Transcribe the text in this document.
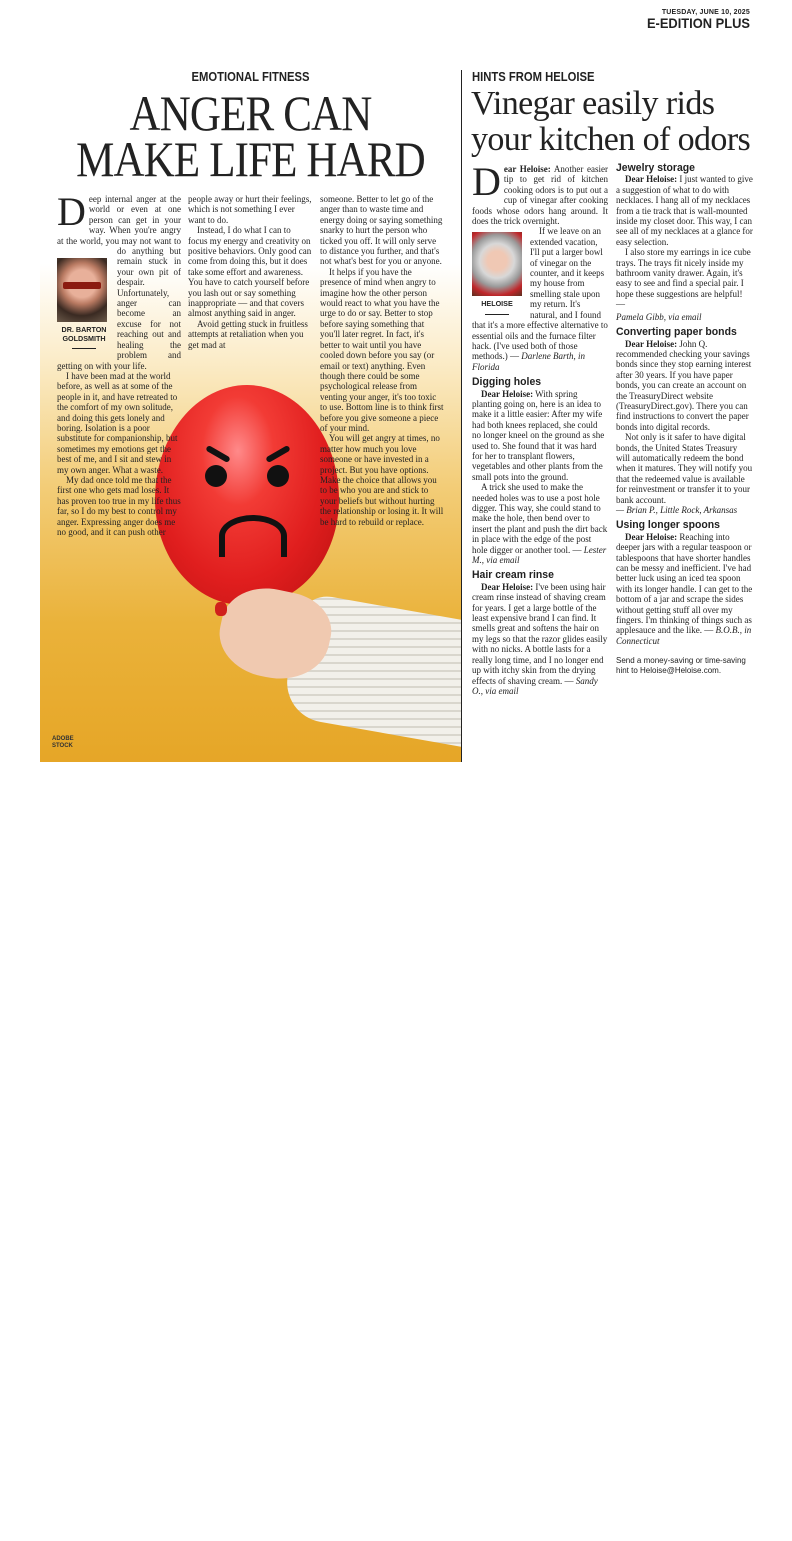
TUESDAY, JUNE 10, 2025
E-EDITION PLUS
EMOTIONAL FITNESS
ANGER CAN
MAKE LIFE HARD
D
DR. BARTON GOLDSMITH

eep internal anger at the world or even at one person can get in your way. When you're angry at the world, you may not want to do anything but remain stuck in your own pit of despair. Unfortunately, anger can become an excuse for not reaching out and healing the problem and getting on with your life.

I have been mad at the world before, as well as at some of the people in it, and have retreated to the comfort of my own solitude, and doing this gets lonely and boring. Isolation is a poor substitute for companionship, but sometimes my emotions get the best of me, and I sit and stew in my own anger. What a waste.

My dad once told me that the first one who gets mad loses. It has proven too true in my life thus far, so I do my best to control my anger. Expressing anger does me no good, and it can push other

people away or hurt their feelings, which is not something I ever want to do.

Instead, I do what I can to focus my energy and creativity on positive behaviors. Only good can come from doing this, but it does take some effort and awareness. You have to catch yourself before you lash out or say something inappropriate — and that covers almost anything said in anger.

Avoid getting stuck in fruitless attempts at retaliation when you get mad at

someone. Better to let go of the anger than to waste time and energy doing or saying something snarky to hurt the person who ticked you off. It will only serve to distance you further, and that's not what's best for you or anyone.

It helps if you have the presence of mind when angry to imagine how the other person would react to what you have the urge to do or say. Better to stop before saying something that you'll later regret. In fact, it's better to wait until you have cooled down before you say (or email or text) anything. Even though there could be some psychological release from venting your anger, it's too toxic to use. Bottom line is to think first before you give someone a piece of your mind.

You will get angry at times, no matter how much you love someone or have invested in a project. But you have options. Make the choice that allows you to be who you are and stick to your beliefs but without hurting the relationship or losing it. It will be hard to rebuild or replace.

ADOBE STOCK
HINTS FROM HELOISE
Vinegar easily rids your kitchen of odors

Dear Heloise: Another easier tip to get rid of kitchen cooking odors is to put out a cup of vinegar after cooking foods whose odors hang around. It does the trick overnight.

HELOISE

If we leave on an extended vacation, I'll put a larger bowl of vinegar on the counter, and it keeps my house from smelling stale upon my return. It's natural, and I found that it's a more effective alternative to essential oils and the furnace filter hack. (I've used both of those methods.) — Darlene Barth, in Florida

Digging holes

Dear Heloise: With spring planting going on, here is an idea to make it a little easier: After my wife had both knees replaced, she could no longer kneel on the ground as she used to. She found that it was hard for her to transplant flowers, vegetables and other plants from the small pots into the ground.

A trick she used to make the needed holes was to use a post hole digger. This way, she could stand to make the hole, then bend over to insert the plant and push the dirt back in place with the edge of the post hole digger or another tool. — Lester M., via email

Hair cream rinse

Dear Heloise: I've been using hair cream rinse instead of shaving cream for years. I get a large bottle of the least expensive brand I can find. It smells great and softens the hair on my legs so that the razor glides easily with no nicks. A bottle lasts for a really long time, and I no longer end up with itchy skin from the drying effects of shaving cream. — Sandy O., via email

Jewelry storage

Dear Heloise: I just wanted to give a suggestion of what to do with necklaces. I hang all of my necklaces from a tie track that is wall-mounted inside my closet door. This way, I can see all of my necklaces at a glance for easy selection.

I also store my earrings in ice cube trays. The trays fit nicely inside my bathroom vanity drawer. Again, it's easy to see and find a special pair. I hope these suggestions are helpful! —

Pamela Gibb, via email

Converting paper bonds

Dear Heloise: John Q. recommended checking your savings bonds since they stop earning interest after 30 years. If you have paper bonds, you can create an account on the TreasuryDirect website (TreasuryDirect.gov). There you can find instructions to convert the paper bonds into digital records.

Not only is it safer to have digital bonds, the United States Treasury will automatically redeem the bond when it matures. They will notify you that the redeemed value is available for reinvestment or transfer it to your bank account.

— Brian P., Little Rock, Arkansas

Using longer spoons

Dear Heloise: Reaching into deeper jars with a regular teaspoon or tablespoons that have shorter handles can be messy and inefficient. I've had better luck using an iced tea spoon with its longer handle. I can get to the bottom of a jar and scrape the sides without getting stuff all over my fingers. I'm thinking of things such as applesauce and the like. — B.O.B., in Connecticut

Send a money-saving or time-saving hint to Heloise@Heloise.com.
